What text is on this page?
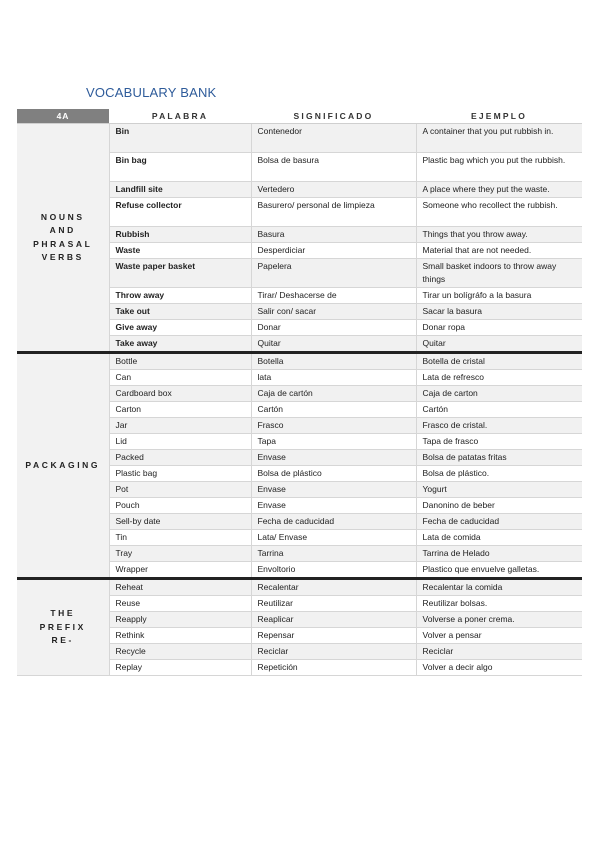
VOCABULARY BANK
4A	PALABRA	SIGNIFICADO	EJEMPLO
NOUNS
AND
PHRASAL
VERBS	Bin	Contenedor	A container that you put rubbish in.
	Bin bag	Bolsa de basura	Plastic bag which you put the rubbish.
	Landfill site	Vertedero	A place where they put the waste.
	Refuse collector	Basurero/ personal de limpieza	Someone who recollect the rubbish.
	Rubbish	Basura	Things that you throw away.
	Waste	Desperdiciar	Material that are not needed.
	Waste paper basket	Papelera	Small basket indoors to throw away things
	Throw away	Tirar/ Deshacerse de	Tirar un bolígráfo a la basura
	Take out	Salir con/ sacar	Sacar la basura
	Give away	Donar	Donar ropa
	Take away	Quitar	Quitar
PACKAGING	Bottle	Botella	Botella de cristal
	Can	lata	Lata de refresco
	Cardboard box	Caja de cartón	Caja de carton
	Carton	Cartón	Cartón
	Jar	Frasco	Frasco de cristal.
	Lid	Tapa	Tapa de frasco
	Packed	Envase	Bolsa de patatas fritas
	Plastic bag	Bolsa de plástico	Bolsa de plástico.
	Pot	Envase	Yogurt
	Pouch	Envase	Danonino de beber
	Sell-by date	Fecha de caducidad	Fecha de caducidad
	Tin	Lata/ Envase	Lata de comida
	Tray	Tarrina	Tarrina de Helado
	Wrapper	Envoltorio	Plastico que envuelve galletas.
THE
PREFIX
RE-	Reheat	Recalentar	Recalentar la comida
	Reuse	Reutilizar	Reutilizar bolsas.
	Reapply	Reaplicar	Volverse a poner crema.
	Rethink	Repensar	Volver a pensar
	Recycle	Reciclar	Reciclar
	Replay	Repetición	Volver a decir algo
